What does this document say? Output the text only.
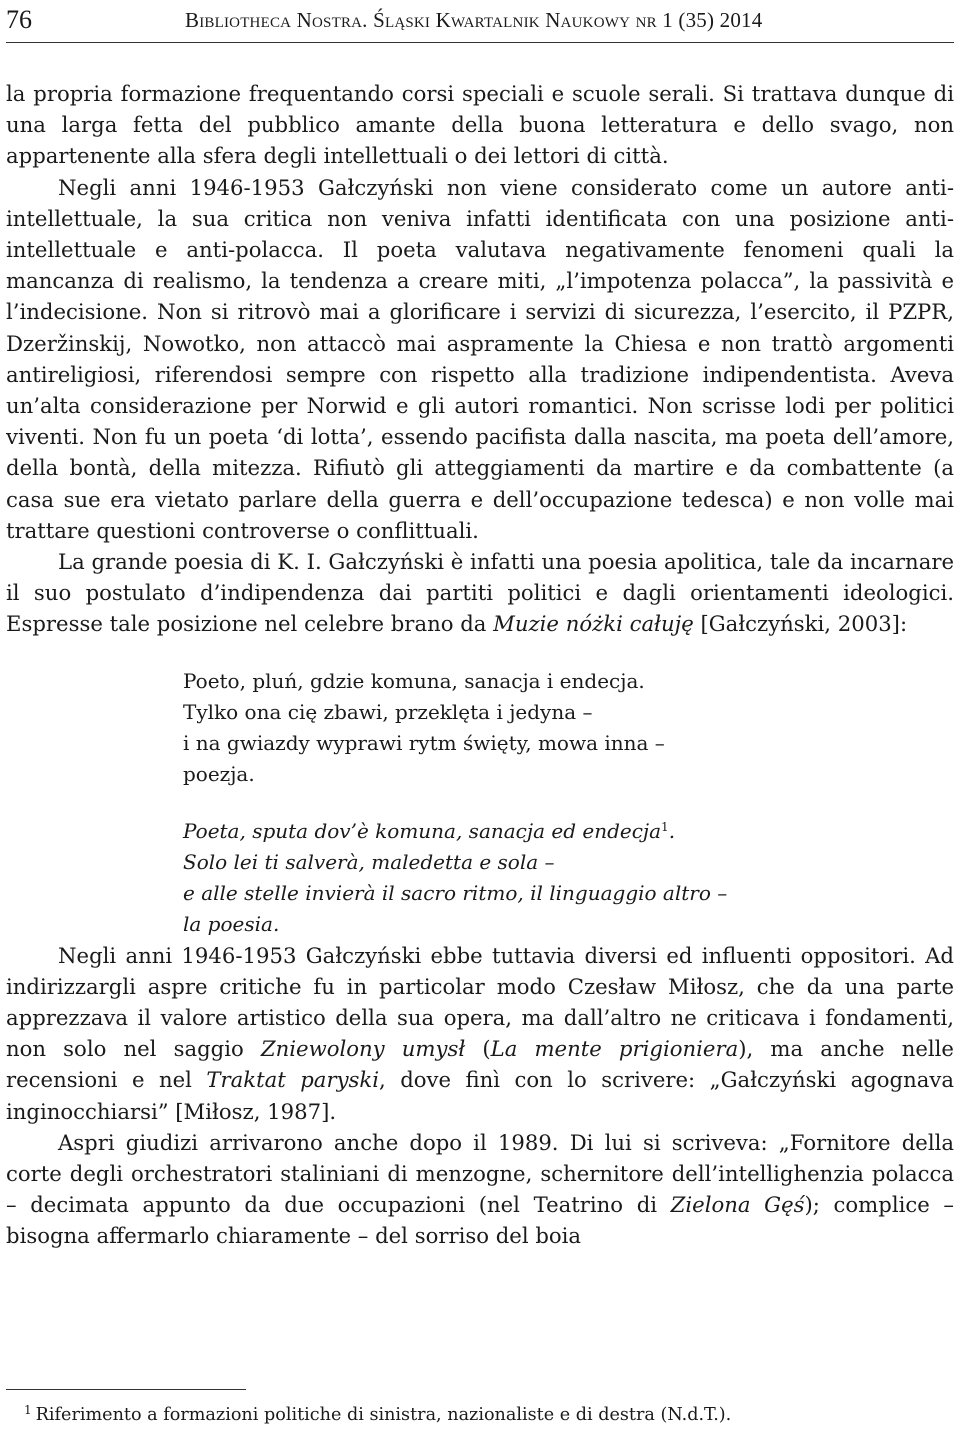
76	Bibliotheca Nostra. Śląski Kwartalnik Naukowy nr 1 (35) 2014

la propria formazione frequentando corsi speciali e scuole serali. Si trattava dunque di una larga fetta del pubblico amante della buona letteratura e dello svago, non appartenente alla sfera degli intellettuali o dei lettori di città.

Negli anni 1946-1953 Gałczyński non viene considerato come un autore anti-intellettuale, la sua critica non veniva infatti identificata con una posizione anti-intellettuale e anti-polacca. Il poeta valutava negativamente fenomeni quali la mancanza di realismo, la tendenza a creare miti, „l’impotenza polacca”, la passività e l’indecisione. Non si ritrovò mai a glorificare i servizi di sicurezza, l’esercito, il PZPR, Dzeržinskij, Nowotko, non attaccò mai aspramente la Chiesa e non trattò argomenti antireligiosi, riferendosi sempre con rispetto alla tradizione indipendentista. Aveva un’alta considerazione per Norwid e gli autori romantici. Non scrisse lodi per politici viventi. Non fu un poeta ‘di lotta’, essendo pacifista dalla nascita, ma poeta dell’amore, della bontà, della mitezza. Rifiutò gli atteggiamenti da martire e da combattente (a casa sue era vietato parlare della guerra e dell’occupazione tedesca) e non volle mai trattare questioni controverse o conflittuali.

La grande poesia di K. I. Gałczyński è infatti una poesia apolitica, tale da incarnare il suo postulato d’indipendenza dai partiti politici e dagli orientamenti ideologici. Espresse tale posizione nel celebre brano da Muzie nóżki całuję [Gałczyński, 2003]:

Poeto, pluń, gdzie komuna, sanacja i endecja.
Tylko ona cię zbawi, przeklęta i jedyna –
i na gwiazdy wyprawi rytm święty, mowa inna –
poezja.
Poeta, sputa dov’è komuna, sanacja ed endecja$^1$.
Solo lei ti salverà, maledetta e sola –
e alle stelle invierà il sacro ritmo, il linguaggio altro –
la poesia.

Negli anni 1946-1953 Gałczyński ebbe tuttavia diversi ed influenti oppositori. Ad indirizzargli aspre critiche fu in particolar modo Czesław Miłosz, che da una parte apprezzava il valore artistico della sua opera, ma dall’altro ne criticava i fondamenti, non solo nel saggio Zniewolony umysł (La mente prigioniera), ma anche nelle recensioni e nel Traktat paryski, dove finì con lo scrivere: „Gałczyński agognava inginocchiarsi” [Miłosz, 1987].

Aspri giudizi arrivarono anche dopo il 1989. Di lui si scriveva: „Fornitore della corte degli orchestratori staliniani di menzogne, schernitore dell’intellighenzia polacca – decimata appunto da due occupazioni (nel Teatrino di Zielona Gęś); complice – bisogna affermarlo chiaramente – del sorriso del boia

$^1$ Riferimento a formazioni politiche di sinistra, nazionaliste e di destra (N.d.T.).
